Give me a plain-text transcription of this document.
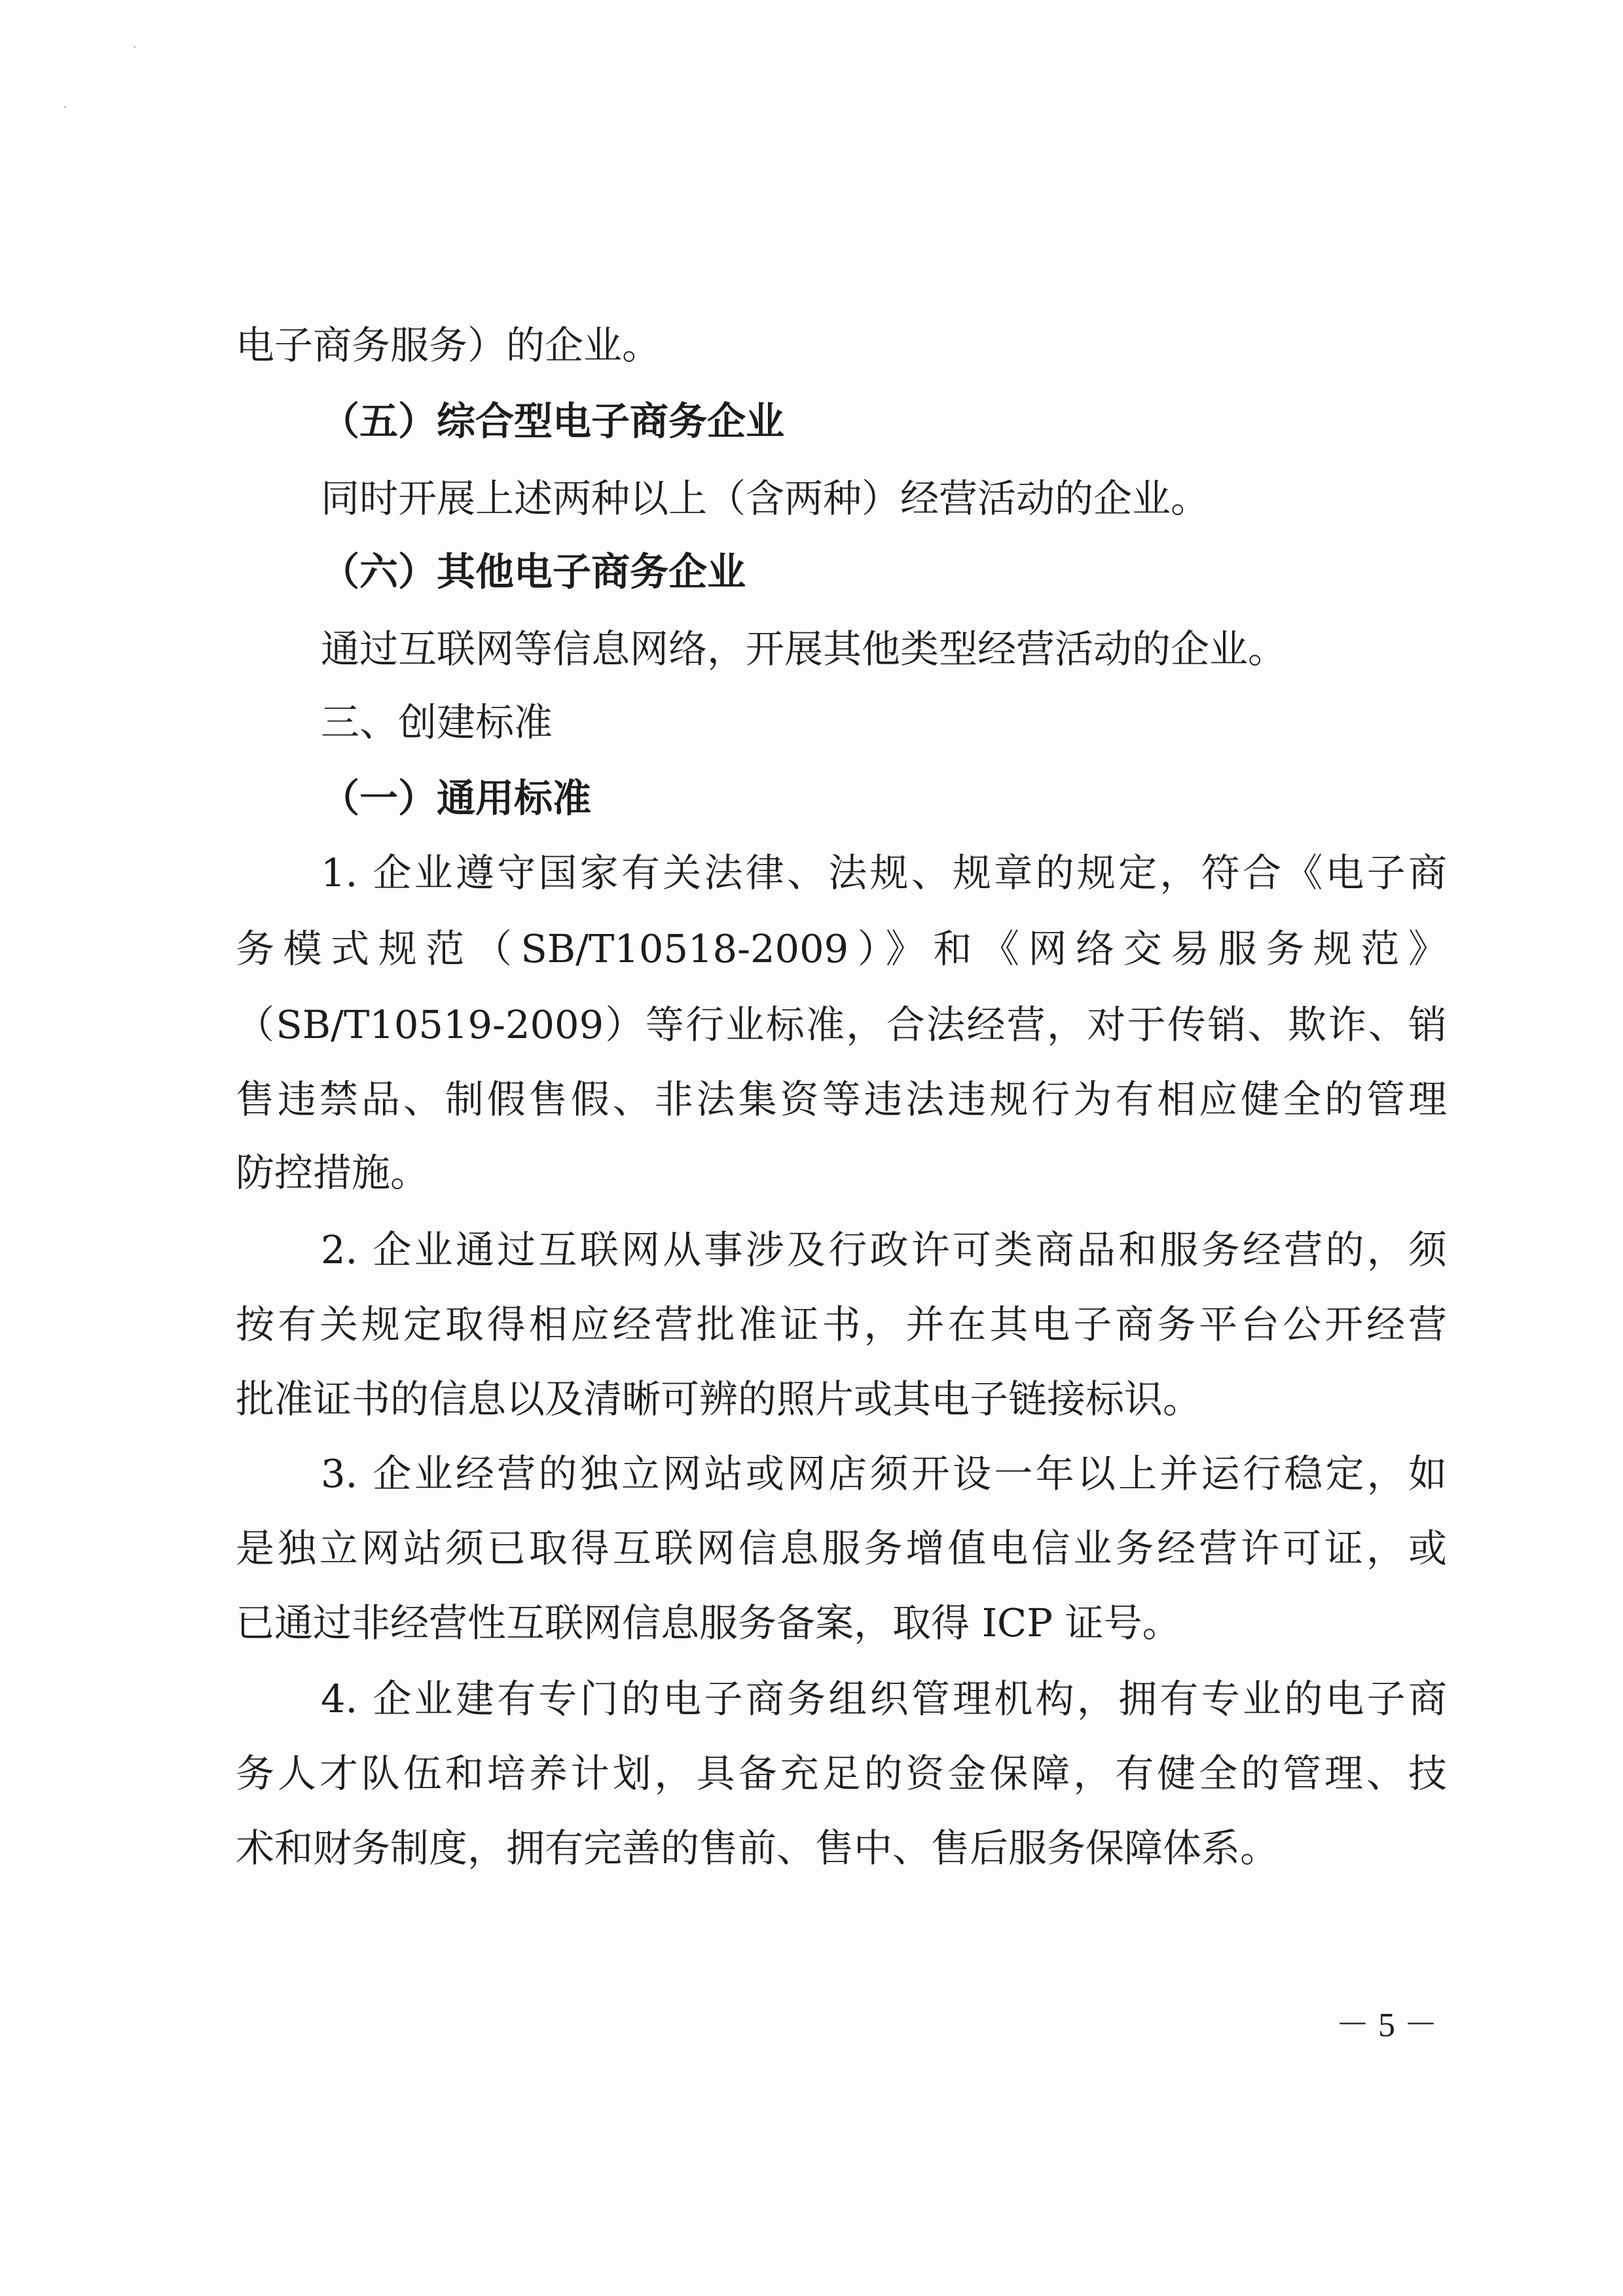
电子商务服务）的企业。

（五）综合型电子商务企业

同时开展上述两种以上（含两种）经营活动的企业。

（六）其他电子商务企业

通过互联网等信息网络，开展其他类型经营活动的企业。

三、创建标准

（一）通用标准

1. 企业遵守国家有关法律、法规、规章的规定，符合《电子商

务模式规范（SB/T10518-2009）》和《网络交易服务规范》

（SB/T10519-2009）等行业标准，合法经营，对于传销、欺诈、销

售违禁品、制假售假、非法集资等违法违规行为有相应健全的管理

防控措施。

2. 企业通过互联网从事涉及行政许可类商品和服务经营的，须

按有关规定取得相应经营批准证书，并在其电子商务平台公开经营

批准证书的信息以及清晰可辨的照片或其电子链接标识。

3. 企业经营的独立网站或网店须开设一年以上并运行稳定，如

是独立网站须已取得互联网信息服务增值电信业务经营许可证，或

已通过非经营性互联网信息服务备案，取得 ICP 证号。

4. 企业建有专门的电子商务组织管理机构，拥有专业的电子商

务人才队伍和培养计划，具备充足的资金保障，有健全的管理、技

术和财务制度，拥有完善的售前、售中、售后服务保障体系。

－ 5 －
